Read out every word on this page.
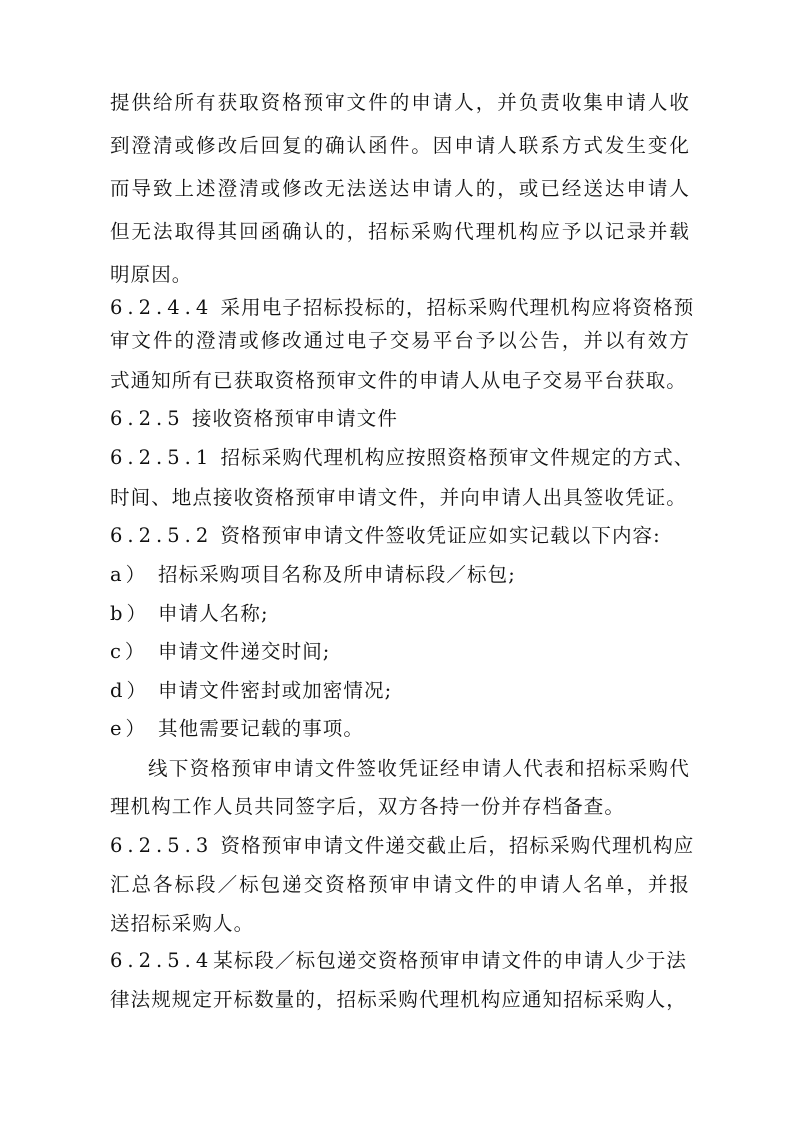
提供给所有获取资格预审文件的申请人，并负责收集申请人收
到澄清或修改后回复的确认函件。因申请人联系方式发生变化
而导致上述澄清或修改无法送达申请人的，或已经送达申请人
但无法取得其回函确认的，招标采购代理机构应予以记录并载
明原因。
6.2.4.4 采用电子招标投标的，招标采购代理机构应将资格预
审文件的澄清或修改通过电子交易平台予以公告，并以有效方
式通知所有已获取资格预审文件的申请人从电子交易平台获取。
6.2.5 接收资格预审申请文件
6.2.5.1 招标采购代理机构应按照资格预审文件规定的方式、
时间、地点接收资格预审申请文件，并向申请人出具签收凭证。
6.2.5.2 资格预审申请文件签收凭证应如实记载以下内容:
a） 招标采购项目名称及所申请标段／标包;
b） 申请人名称;
c） 申请文件递交时间;
d） 申请文件密封或加密情况;
e） 其他需要记载的事项。
线下资格预审申请文件签收凭证经申请人代表和招标采购代
理机构工作人员共同签字后，双方各持一份并存档备查。
6.2.5.3 资格预审申请文件递交截止后，招标采购代理机构应
汇总各标段／标包递交资格预审申请文件的申请人名单，并报
送招标采购人。
6.2.5.4某标段／标包递交资格预审申请文件的申请人少于法
律法规规定开标数量的，招标采购代理机构应通知招标采购人，
